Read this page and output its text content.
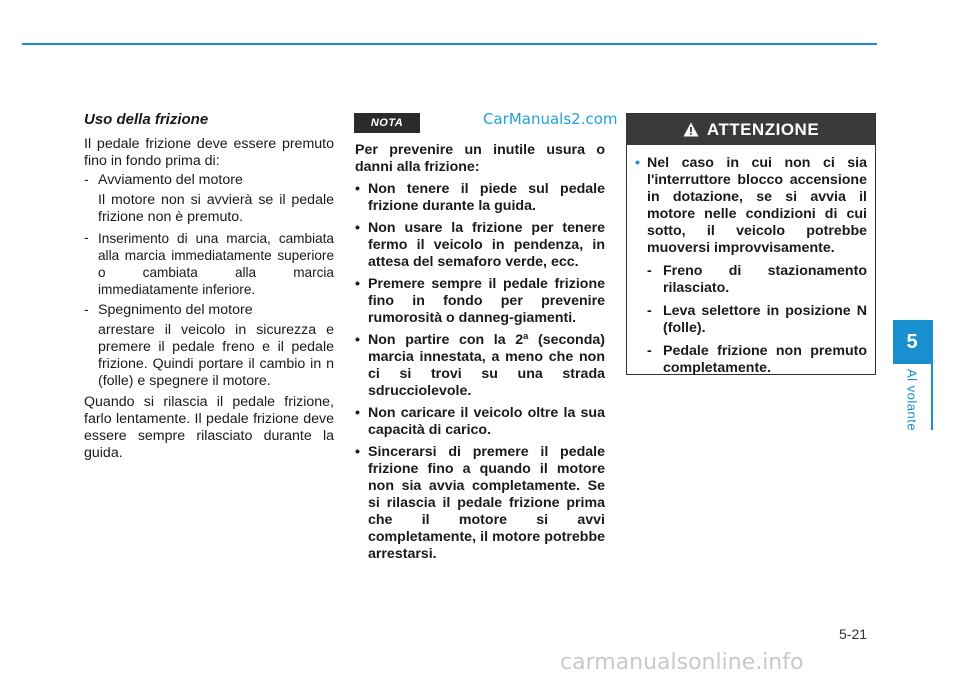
Uso della frizione

Il pedale frizione deve essere premuto fino in fondo prima di:

- Avviamento del motore

Il motore non si avvierà se il pedale frizione non è premuto.

- Inserimento di una marcia, cambiata alla marcia immediatamente superiore o cambiata alla marcia immediatamente inferiore.
- Spegnimento del motore

arrestare il veicolo in sicurezza e premere il pedale freno e il pedale frizione. Quindi portare il cambio in n (folle) e spegnere il motore.

Quando si rilascia il pedale frizione, farlo lentamente. Il pedale frizione deve essere sempre rilasciato durante la guida.

NOTA	CarManuals2.com

Per prevenire un inutile usura o danni alla frizione:

• Non tenere il piede sul pedale frizione durante la guida.
• Non usare la frizione per tenere fermo il veicolo in pendenza, in attesa del semaforo verde, ecc.
• Premere sempre il pedale frizione fino in fondo per prevenire rumorosità o danneg-giamenti.
• Non partire con la 2ª (seconda) marcia innestata, a meno che non ci si trovi su una strada sdrucciolevole.
• Non caricare il veicolo oltre la sua capacità di carico.
• Sincerarsi di premere il pedale frizione fino a quando il motore non sia avvia completamente. Se si rilascia il pedale frizione prima che il motore si avvi completamente, il motore potrebbe arrestarsi.
ATTENZIONE
• Nel caso in cui non ci sia l'interruttore blocco accensione in dotazione, se si avvia il motore nelle condizioni di cui sotto, il veicolo potrebbe muoversi improvvisamente.
- Freno di stazionamento rilasciato.
- Leva selettore in posizione N (folle).
- Pedale frizione non premuto completamente.
5
Al volante
5-21
carmanualsonline.info
